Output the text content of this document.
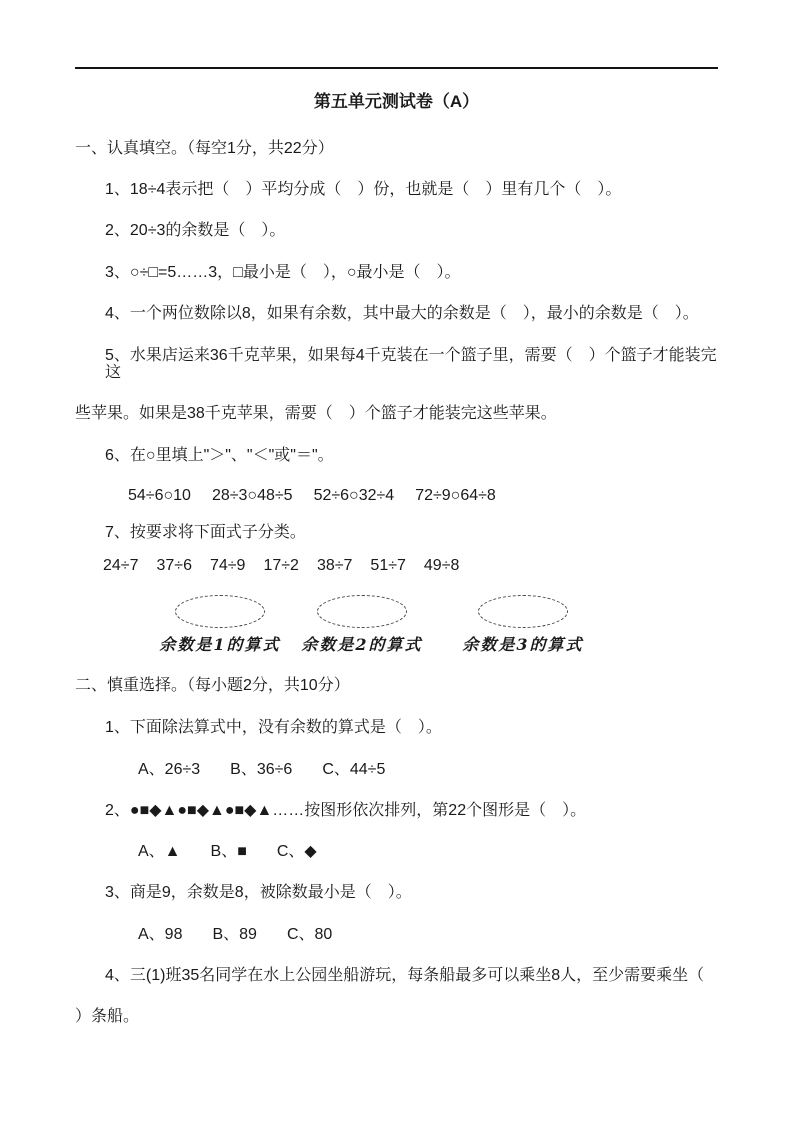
第五单元测试卷（A）
一、认真填空。（每空1分，共22分）
1、18÷4表示把（　）平均分成（　）份，也就是（　）里有几个（　）。
2、20÷3的余数是（　）。
3、○÷□=5……3，□最小是（　），○最小是（　）。
4、一个两位数除以8，如果有余数，其中最大的余数是（　），最小的余数是（　）。
5、水果店运来36千克苹果，如果每4千克装在一个篮子里，需要（　）个篮子才能装完这
些苹果。如果是38千克苹果，需要（　）个篮子才能装完这些苹果。
6、在○里填上"＞"、"＜"或"＝"。
54÷6○10 28÷3○48÷5 52÷6○32÷4 72÷9○64÷8
7、按要求将下面式子分类。
24÷7 37÷6 74÷9 17÷2 38÷7 51÷7 49÷8
余数是1的算式	余数是2的算式	余数是3的算式
二、慎重选择。（每小题2分，共10分）
1、下面除法算式中，没有余数的算式是（　）。
A、26÷3 B、36÷6 C、44÷5
2、●■◆▲●■◆▲●■◆▲……按图形依次排列，第22个图形是（　）。
A、▲ B、■ C、◆
3、商是9，余数是8，被除数最小是（　）。
A、98 B、89 C、80
4、三(1)班35名同学在水上公园坐船游玩，每条船最多可以乘坐8人，至少需要乘坐（
）条船。
